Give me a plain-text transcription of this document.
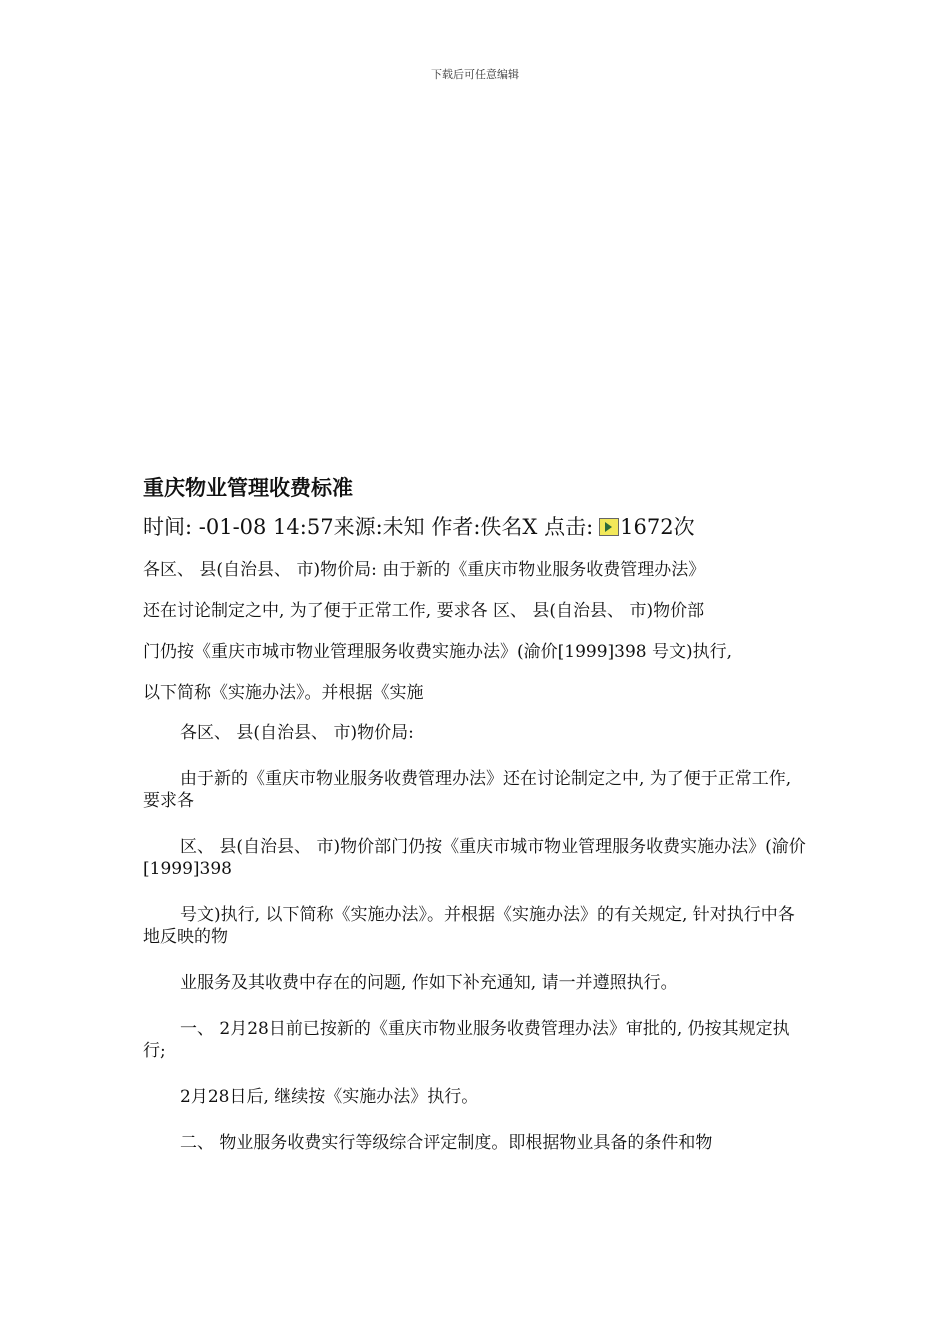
下载后可任意编辑
重庆物业管理收费标准
时间: -01-08 14:57来源:未知 作者:佚名X 点击: 1672次

各区、 县(自治县、 市)物价局: 由于新的《重庆市物业服务收费管理办法》

还在讨论制定之中, 为了便于正常工作, 要求各 区、 县(自治县、 市)物价部

门仍按《重庆市城市物业管理服务收费实施办法》(渝价[1999]398 号文)执行,

以下简称《实施办法》。并根据《实施

各区、 县(自治县、 市)物价局:

由于新的《重庆市物业服务收费管理办法》还在讨论制定之中, 为了便于正常工作, 要求各

区、 县(自治县、 市)物价部门仍按《重庆市城市物业管理服务收费实施办法》(渝价[1999]398

号文)执行, 以下简称《实施办法》。并根据《实施办法》的有关规定, 针对执行中各地反映的物

业服务及其收费中存在的问题, 作如下补充通知, 请一并遵照执行。

一、 2月28日前已按新的《重庆市物业服务收费管理办法》审批的, 仍按其规定执行;

2月28日后, 继续按《实施办法》执行。

二、 物业服务收费实行等级综合评定制度。即根据物业具备的条件和物
